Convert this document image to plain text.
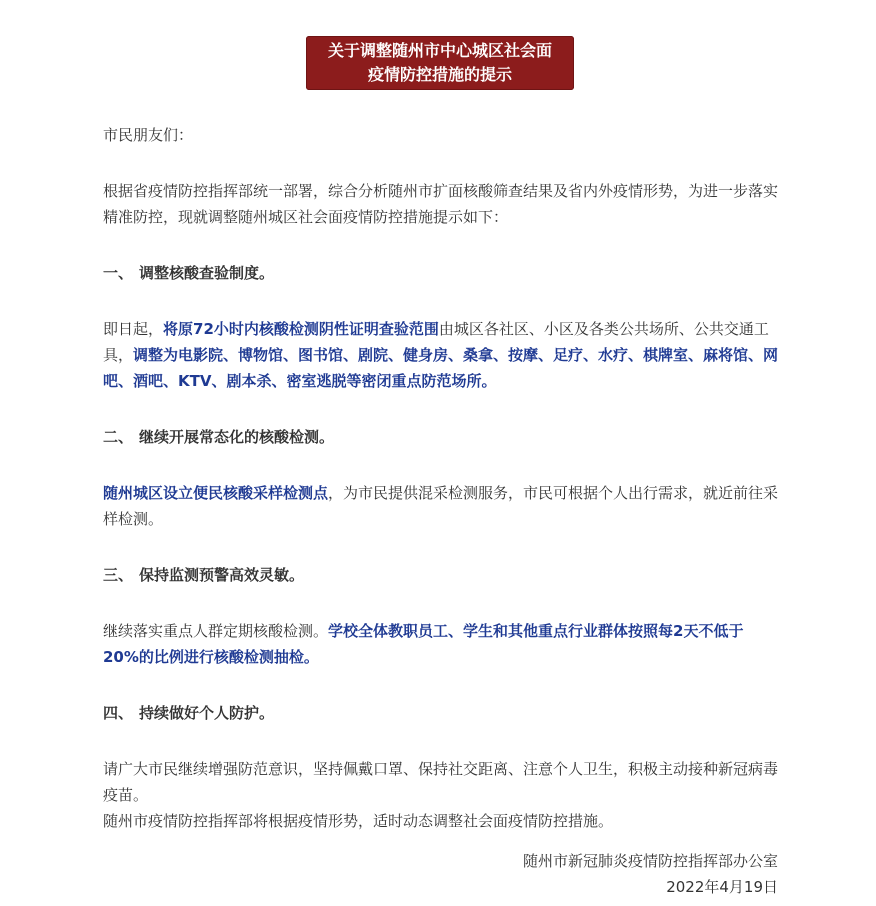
关于调整随州市中心城区社会面
疫情防控措施的提示

市民朋友们：

根据省疫情防控指挥部统一部署，综合分析随州市扩面核酸筛查结果及省内外疫情形势，为进一步落实精准防控，现就调整随州城区社会面疫情防控措施提示如下：

一、 调整核酸查验制度。

即日起，将原72小时内核酸检测阴性证明查验范围由城区各社区、小区及各类公共场所、公共交通工具，调整为电影院、博物馆、图书馆、剧院、健身房、桑拿、按摩、足疗、水疗、棋牌室、麻将馆、网吧、酒吧、KTV、剧本杀、密室逃脱等密闭重点防范场所。

二、 继续开展常态化的核酸检测。

随州城区设立便民核酸采样检测点，为市民提供混采检测服务，市民可根据个人出行需求，就近前往采样检测。

三、 保持监测预警高效灵敏。

继续落实重点人群定期核酸检测。学校全体教职员工、学生和其他重点行业群体按照每2天不低于20%的比例进行核酸检测抽检。

四、 持续做好个人防护。

请广大市民继续增强防范意识，坚持佩戴口罩、保持社交距离、注意个人卫生，积极主动接种新冠病毒疫苗。

随州市疫情防控指挥部将根据疫情形势，适时动态调整社会面疫情防控措施。

随州市新冠肺炎疫情防控指挥部办公室
2022年4月19日
